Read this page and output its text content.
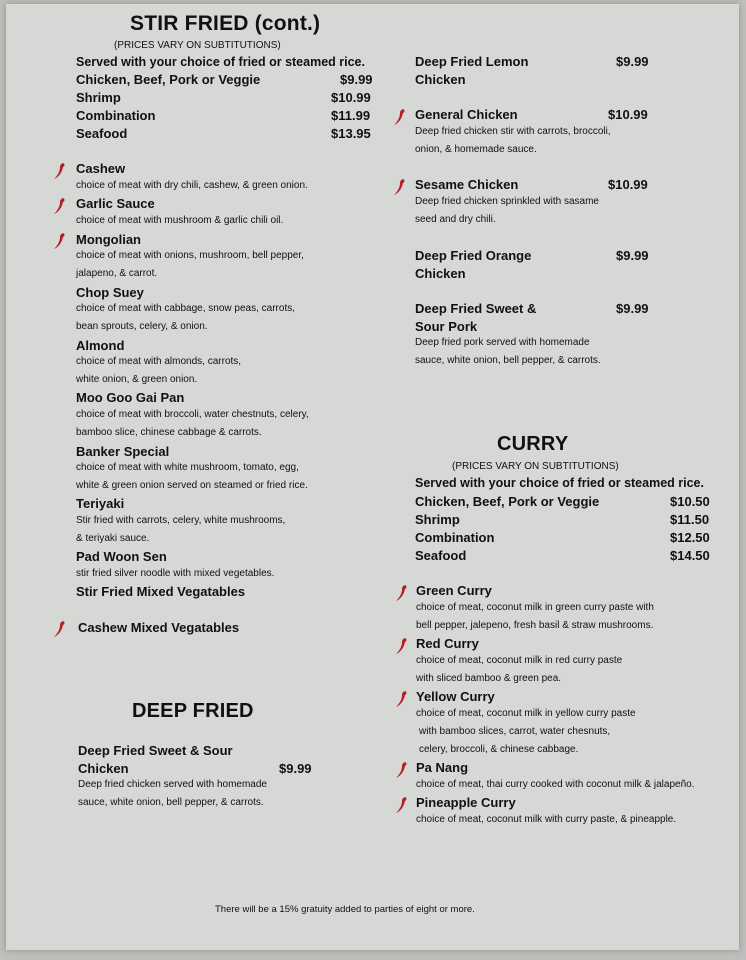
STIR FRIED (cont.)
(PRICES VARY ON SUBTITUTIONS)
Served with your choice of fried or steamed rice.
Chicken, Beef, Pork or Veggie	$9.99
Shrimp	$10.99
Combination	$11.99
Seafood	$13.95
Cashew
choice of meat with dry chili, cashew, & green onion.
Garlic Sauce
choice of meat with mushroom & garlic chili oil.
Mongolian
choice of meat with onions, mushroom, bell pepper,
jalapeno, & carrot.
Chop Suey
choice of meat with cabbage, snow peas, carrots,
bean sprouts, celery, & onion.
Almond
choice of meat with almonds, carrots,
white onion, & green onion.
Moo Goo Gai Pan
choice of meat with broccoli, water chestnuts, celery,
bamboo slice, chinese cabbage & carrots.
Banker Special
choice of meat with white mushroom, tomato, egg,
white & green onion served on steamed or fried rice.
Teriyaki
Stir fried with carrots, celery, white mushrooms,
& teriyaki sauce.
Pad Woon Sen
stir fried silver noodle with mixed vegetables.
Stir Fried Mixed Vegatables
Cashew Mixed Vegatables
DEEP FRIED
Deep Fried Sweet & Sour
Chicken	$9.99
Deep fried chicken served with homemade
sauce, white onion, bell pepper, & carrots.
Deep Fried Lemon
Chicken
$9.99
General Chicken	$10.99
Deep fried chicken stir with carrots, broccoli,
onion, & homemade sauce.
Sesame Chicken	$10.99
Deep fried chicken sprinkled with sasame
seed and dry chili.
Deep Fried Orange
Chicken
$9.99
Deep Fried Sweet &
Sour Pork
$9.99
Deep fried pork served with homemade
sauce, white onion, bell pepper, & carrots.
CURRY
(PRICES VARY ON SUBTITUTIONS)
Served with your choice of fried or steamed rice.
Chicken, Beef, Pork or Veggie	$10.50
Shrimp	$11.50
Combination	$12.50
Seafood	$14.50
Green Curry
choice of meat, coconut milk in green curry paste with
bell pepper, jalepeno, fresh basil & straw mushrooms.
Red Curry
choice of meat, coconut milk in red curry paste
with sliced bamboo & green pea.
Yellow Curry
choice of meat, coconut milk in yellow curry paste
with bamboo slices, carrot, water chesnuts,
celery, broccoli, & chinese cabbage.
Pa Nang
choice of meat, thai curry cooked with coconut milk & jalapeño.
Pineapple Curry
choice of meat, coconut milk with curry paste, & pineapple.
There will be a 15% gratuity added to parties of eight or more.
